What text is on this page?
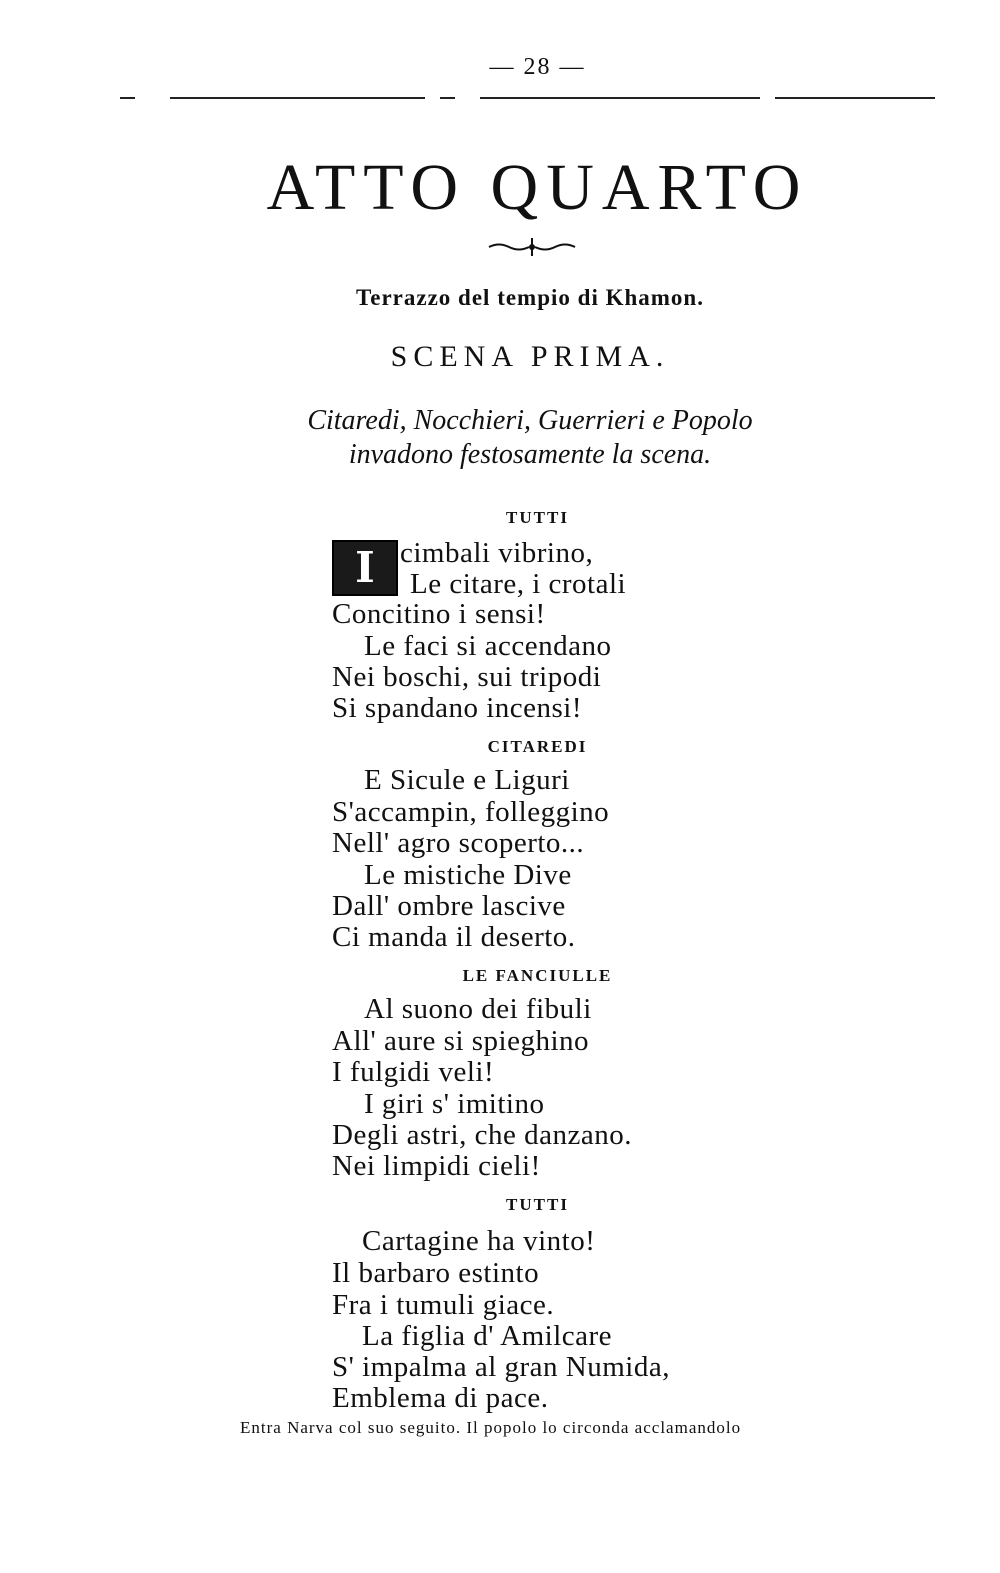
— 28 —
ATTO QUARTO
Terrazzo del tempio di Khamon.
SCENA PRIMA.
Citaredi, Nocchieri, Guerrieri e Popolo
invadono festosamente la scena.
TUTTI
I cimbali vibrino,
Le citare, i crotali
Concitino i sensi!
Le faci si accendano
Nei boschi, sui tripodi
Si spandano incensi!
CITAREDI
E Sicule e Liguri
S'accampin, folleggino
Nell' agro scoperto...
Le mistiche Dive
Dall' ombre lascive
Ci manda il deserto.
LE FANCIULLE
Al suono dei fibuli
All' aure si spieghino
I fulgidi veli!
I giri s' imitino
Degli astri, che danzano.
Nei limpidi cieli!
TUTTI
Cartagine ha vinto!
Il barbaro estinto
Fra i tumuli giace.
La figlia d' Amilcare
S' impalma al gran Numida,
Emblema di pace.
Entra Narva col suo seguito. Il popolo lo circonda acclamandolo
